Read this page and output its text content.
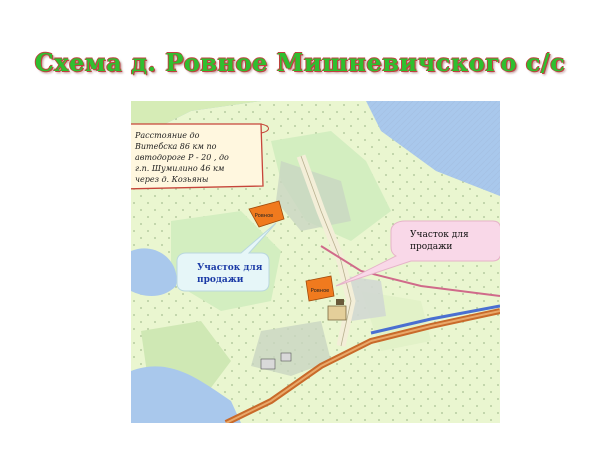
Схема д. Ровное Мишневичского с/с
Ровное
Ровное
Расстояние до Витебска 86 км по автодороге Р - 20 , до г.п. Шумилино 46 км через д. Козьяны
Участок для продажи
Участок для продажи
